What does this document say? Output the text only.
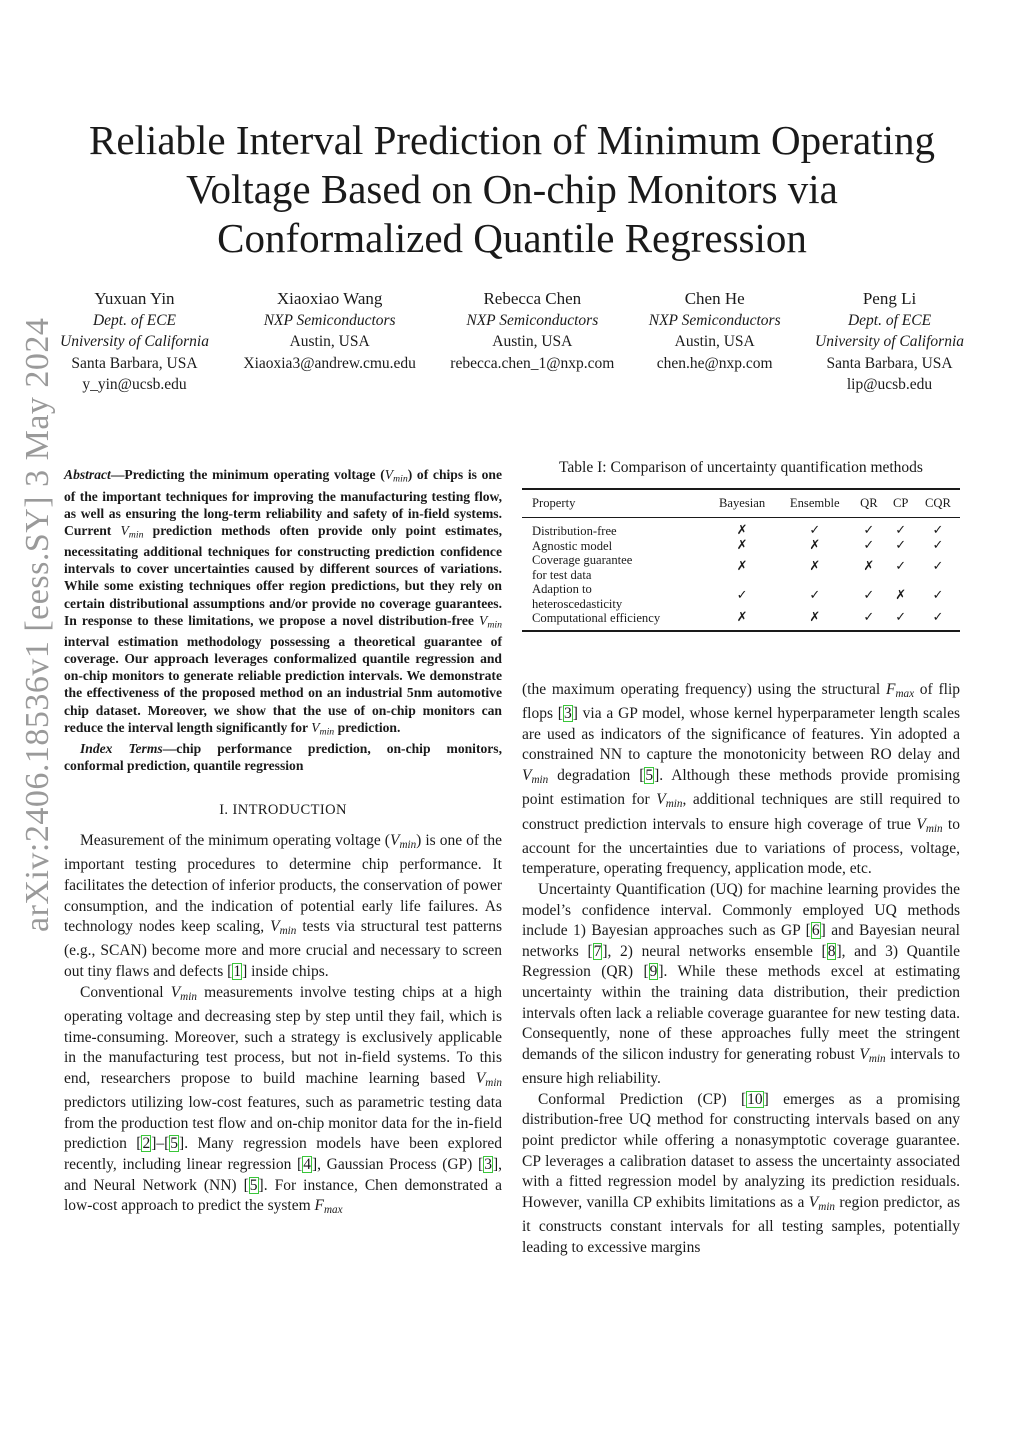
arXiv:2406.18536v1 [eess.SY] 3 May 2024
Reliable Interval Prediction of Minimum Operating Voltage Based on On-chip Monitors via Conformalized Quantile Regression
Yuxuan Yin
Dept. of ECE
University of California
Santa Barbara, USA
y_yin@ucsb.edu
Xiaoxiao Wang
NXP Semiconductors
Austin, USA
Xiaoxia3@andrew.cmu.edu
Rebecca Chen
NXP Semiconductors
Austin, USA
rebecca.chen_1@nxp.com
Chen He
NXP Semiconductors
Austin, USA
chen.he@nxp.com
Peng Li
Dept. of ECE
University of California
Santa Barbara, USA
lip@ucsb.edu

Abstract—Predicting the minimum operating voltage $(V_{min})$ of chips is one of the important techniques for improving the manufacturing testing flow, as well as ensuring the long-term reliability and safety of in-field systems. Current $V_{min}$ prediction methods often provide only point estimates, necessitating additional techniques for constructing prediction confidence intervals to cover uncertainties caused by different sources of variations. While some existing techniques offer region predictions, but they rely on certain distributional assumptions and/or provide no coverage guarantees. In response to these limitations, we propose a novel distribution-free $V_{min}$ interval estimation methodology possessing a theoretical guarantee of coverage. Our approach leverages conformalized quantile regression and on-chip monitors to generate reliable prediction intervals. We demonstrate the effectiveness of the proposed method on an industrial 5nm automotive chip dataset. Moreover, we show that the use of on-chip monitors can reduce the interval length significantly for $V_{min}$ prediction.

Index Terms—chip performance prediction, on-chip monitors, conformal prediction, quantile regression

I. INTRODUCTION

Measurement of the minimum operating voltage $(V_{min})$ is one of the important testing procedures to determine chip performance. It facilitates the detection of inferior products, the conservation of power consumption, and the indication of potential early life failures. As technology nodes keep scaling, $V_{min}$ tests via structural test patterns (e.g., SCAN) become more and more crucial and necessary to screen out tiny flaws and defects [1] inside chips.

Conventional $V_{min}$ measurements involve testing chips at a high operating voltage and decreasing step by step until they fail, which is time-consuming. Moreover, such a strategy is exclusively applicable in the manufacturing test process, but not in-field systems. To this end, researchers propose to build machine learning based $V_{min}$ predictors utilizing low-cost features, such as parametric testing data from the production test flow and on-chip monitor data for the in-field prediction [2]–[5]. Many regression models have been explored recently, including linear regression [4], Gaussian Process (GP) [3], and Neural Network (NN) [5]. For instance, Chen demonstrated a low-cost approach to predict the system $F_{max}$

Table I: Comparison of uncertainty quantification methods
Property	Bayesian	Ensemble	QR	CP	CQR

Distribution-free	✗	✓	✓	✓	✓

Agnostic model	✗	✗	✓	✓	✓

Coverage guarantee
for test data	✗	✗	✗	✓	✓

Adaption to
heteroscedasticity	✓	✓	✓	✗	✓

Computational efficiency	✗	✗	✓	✓	✓

(the maximum operating frequency) using the structural $F_{max}$ of flip flops [3] via a GP model, whose kernel hyperparameter length scales are used as indicators of the significance of features. Yin adopted a constrained NN to capture the monotonicity between RO delay and $V_{min}$ degradation [5]. Although these methods provide promising point estimation for $V_{min}$, additional techniques are still required to construct prediction intervals to ensure high coverage of true $V_{min}$ to account for the uncertainties due to variations of process, voltage, temperature, operating frequency, application mode, etc.

Uncertainty Quantification (UQ) for machine learning provides the model’s confidence interval. Commonly employed UQ methods include 1) Bayesian approaches such as GP [6] and Bayesian neural networks [7], 2) neural networks ensemble [8], and 3) Quantile Regression (QR) [9]. While these methods excel at estimating uncertainty within the training data distribution, their prediction intervals often lack a reliable coverage guarantee for new testing data. Consequently, none of these approaches fully meet the stringent demands of the silicon industry for generating robust $V_{min}$ intervals to ensure high reliability.

Conformal Prediction (CP) [10] emerges as a promising distribution-free UQ method for constructing intervals based on any point predictor while offering a nonasymptotic coverage guarantee. CP leverages a calibration dataset to assess the uncertainty associated with a fitted regression model by analyzing its prediction residuals. However, vanilla CP exhibits limitations as a $V_{min}$ region predictor, as it constructs constant intervals for all testing samples, potentially leading to excessive margins
